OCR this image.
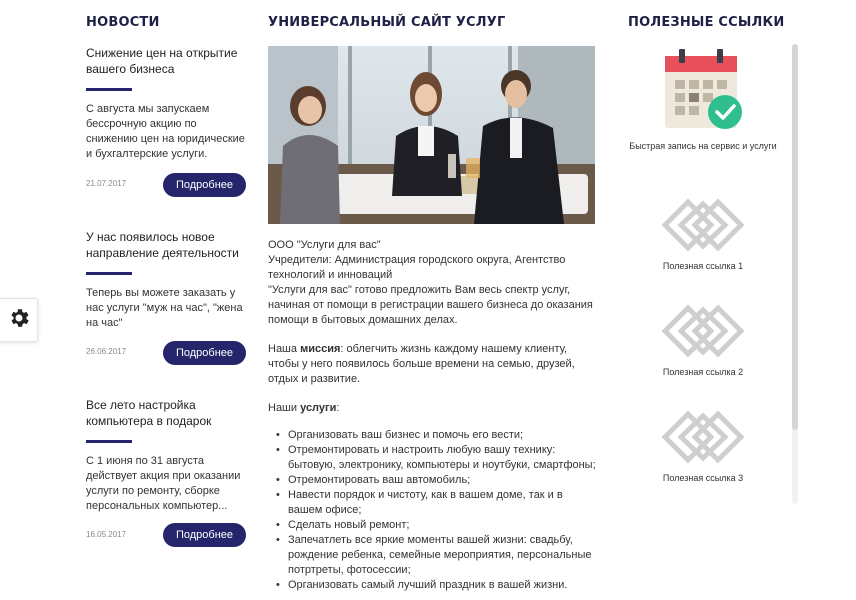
НОВОСТИ
Снижение цен на открытие вашего бизнеса
С августа мы запускаем бессрочную акцию по снижению цен на юридические и бухгалтерские услуги.
21.07.2017	Подробнее
У нас появилось новое направление деятельности
Теперь вы можете заказать у нас услуги "муж на час", "жена на час"
26.06.2017	Подробнее
Все лето настройка компьютера в подарок
С 1 июня по 31 августа действует акция при оказании услуги по ремонту, сборке персональных компьютер...
16.05.2017	Подробнее
УНИВЕРСАЛЬНЫЙ САЙТ УСЛУГ

ООО "Услуги для вас"

Учредители: Администрация городского округа, Агентство технологий и инноваций

"Услуги для вас" готово предложить Вам весь спектр услуг, начиная от помощи в регистрации вашего бизнеса до оказания помощи в бытовых домашних делах.

Наша миссия: облегчить жизнь каждому нашему клиенту, чтобы у него появилось больше времени на семью, друзей, отдых и развитие.

Наши услуги:

• Организовать ваш бизнес и помочь его вести;
• Отремонтировать и настроить любую вашу технику: бытовую, электронику, компьютеры и ноутбуки, смартфоны;
• Отремонтировать ваш автомобиль;
• Навести порядок и чистоту, как в вашем доме, так и в вашем офисе;
• Сделать новый ремонт;
• Запечатлеть все яркие моменты вашей жизни: свадьбу, рождение ребенка, семейные мероприятия, персональные потртреты, фотосессии;
• Организовать самый лучший праздник в вашей жизни.
ПОЛЕЗНЫЕ ССЫЛКИ
Быстрая запись на сервис и услуги
Полезная ссылка 1
Полезная ссылка 2
Полезная ссылка 3
